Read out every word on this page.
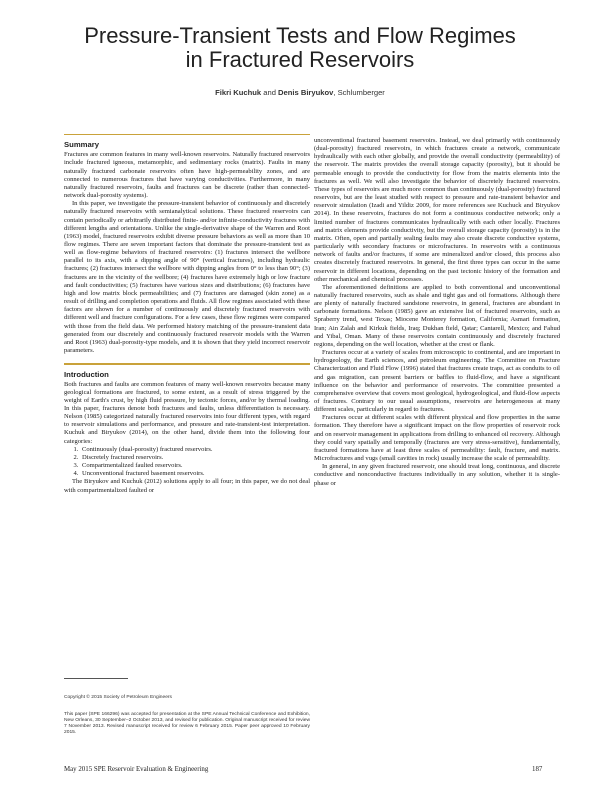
Pressure-Transient Tests and Flow Regimes
in Fractured Reservoirs
Fikri Kuchuk and Denis Biryukov, Schlumberger
Summary

Fractures are common features in many well-known reservoirs. Naturally fractured reservoirs include fractured igneous, metamorphic, and sedimentary rocks (matrix). Faults in many naturally fractured carbonate reservoirs often have high-permeability zones, and are connected to numerous fractures that have varying conductivities. Furthermore, in many naturally fractured reservoirs, faults and fractures can be discrete (rather than connected-network dual-porosity systems).

In this paper, we investigate the pressure-transient behavior of continuously and discretely naturally fractured reservoirs with semianalytical solutions. These fractured reservoirs can contain periodically or arbitrarily distributed finite- and/or infinite-conductivity fractures with different lengths and orientations. Unlike the single-derivative shape of the Warren and Root (1963) model, fractured reservoirs exhibit diverse pressure behaviors as well as more than 10 flow regimes. There are seven important factors that dominate the pressure-transient test as well as flow-regime behaviors of fractured reservoirs: (1) fractures intersect the wellbore parallel to its axis, with a dipping angle of 90° (vertical fractures), including hydraulic fractures; (2) fractures intersect the wellbore with dipping angles from 0° to less than 90°; (3) fractures are in the vicinity of the wellbore; (4) fractures have extremely high or low fracture and fault conductivities; (5) fractures have various sizes and distributions; (6) fractures have high and low matrix block permeabilities; and (7) fractures are damaged (skin zone) as a result of drilling and completion operations and fluids. All flow regimes associated with these factors are shown for a number of continuously and discretely fractured reservoirs with different well and fracture configurations. For a few cases, these flow regimes were compared with those from the field data. We performed history matching of the pressure-transient data generated from our discretely and continuously fractured reservoir models with the Warren and Root (1963) dual-porosity-type models, and it is shown that they yield incorrect reservoir parameters.

Introduction

Both fractures and faults are common features of many well-known reservoirs because many geological formations are fractured, to some extent, as a result of stress triggered by the weight of Earth's crust, by high fluid pressure, by tectonic forces, and/or by thermal loading. In this paper, fractures denote both fractures and faults, unless differentiation is necessary. Nelson (1985) categorized naturally fractured reservoirs into four different types, with regard to reservoir simulations and performance, and pressure and rate-transient-test interpretation. Kuchuk and Biryukov (2014), on the other hand, divide them into the following four categories:

1. Continuously (dual-porosity) fractured reservoirs.
2. Discretely fractured reservoirs.
3. Compartmentalized faulted reservoirs.
4. Unconventional fractured basement reservoirs.

The Biryukov and Kuchuk (2012) solutions apply to all four; in this paper, we do not deal with compartmentalized faulted or

unconventional fractured basement reservoirs. Instead, we deal primarily with continuously (dual-porosity) fractured reservoirs, in which fractures create a network, communicate hydraulically with each other globally, and provide the overall conductivity (permeability) of the reservoir. The matrix provides the overall storage capacity (porosity), but it should be permeable enough to provide the conductivity for flow from the matrix elements into the fractures as well. We will also investigate the behavior of discretely fractured reservoirs. These types of reservoirs are much more common than continuously (dual-porosity) fractured reservoirs, but are the least studied with respect to pressure and rate-transient behavior and reservoir simulation (Izadi and Yildiz 2009, for more references see Kuchuck and Biryukov 2014). In these reservoirs, fractures do not form a continuous conductive network; only a limited number of fractures communicates hydraulically with each other locally. Fractures and matrix elements provide conductivity, but the overall storage capacity (porosity) is in the matrix. Often, open and partially sealing faults may also create discrete conductive systems, particularly with secondary fractures or microfractures. In reservoirs with a continuous network of faults and/or fractures, if some are mineralized and/or closed, this process also creates discretely fractured reservoirs. In general, the first three types can occur in the same reservoir in different locations, depending on the past tectonic history of the formation and other mechanical and chemical processes.

The aforementioned definitions are applied to both conventional and unconventional naturally fractured reservoirs, such as shale and tight gas and oil formations. Although there are plenty of naturally fractured sandstone reservoirs, in general, fractures are abundant in carbonate formations. Nelson (1985) gave an extensive list of fractured reservoirs, such as Spraberry trend, west Texas; Miocene Monterey formation, California; Asmari formation, Iran; Ain Zalah and Kirkuk fields, Iraq; Dukhan field, Qatar; Cantarell, Mexico; and Fahud and Yibal, Oman. Many of these reservoirs contain continuously and discretely fractured regions, depending on the well location, whether at the crest or flank.

Fractures occur at a variety of scales from microscopic to continental, and are important in hydrogeology, the Earth sciences, and petroleum engineering. The Committee on Fracture Characterization and Fluid Flow (1996) stated that fractures create traps, act as conduits to oil and gas migration, can present barriers or baffles to fluid-flow, and have a significant influence on the behavior and performance of reservoirs. The committee presented a comprehensive overview that covers most geological, hydrogeological, and fluid-flow aspects of fractures. Contrary to our usual assumptions, reservoirs are heterogeneous at many different scales, particularly in regard to fractures.

Fractures occur at different scales with different physical and flow properties in the same formation. They therefore have a significant impact on the flow properties of reservoir rock and on reservoir management in applications from drilling to enhanced oil recovery. Although they could vary spatially and temporally (fractures are very stress-sensitive), fundamentally, fractured formations have at least three scales of permeability: fault, fracture, and matrix. Microfractures and vugs (small cavities in rock) usually increase the scale of permeability.

In general, in any given fractured reservoir, one should treat long, continuous, and discrete conductive and nonconductive fractures individually in any solution, whether it is single-phase or

Copyright © 2015 Society of Petroleum Engineers
This paper (SPE 166296) was accepted for presentation at the SPE Annual Technical Conference and Exhibition, New Orleans, 30 September–2 October 2013, and revised for publication. Original manuscript received for review 7 November 2013. Revised manuscript received for review 6 February 2015. Paper peer approved 10 February 2015.
May 2015 SPE Reservoir Evaluation & Engineering	187
